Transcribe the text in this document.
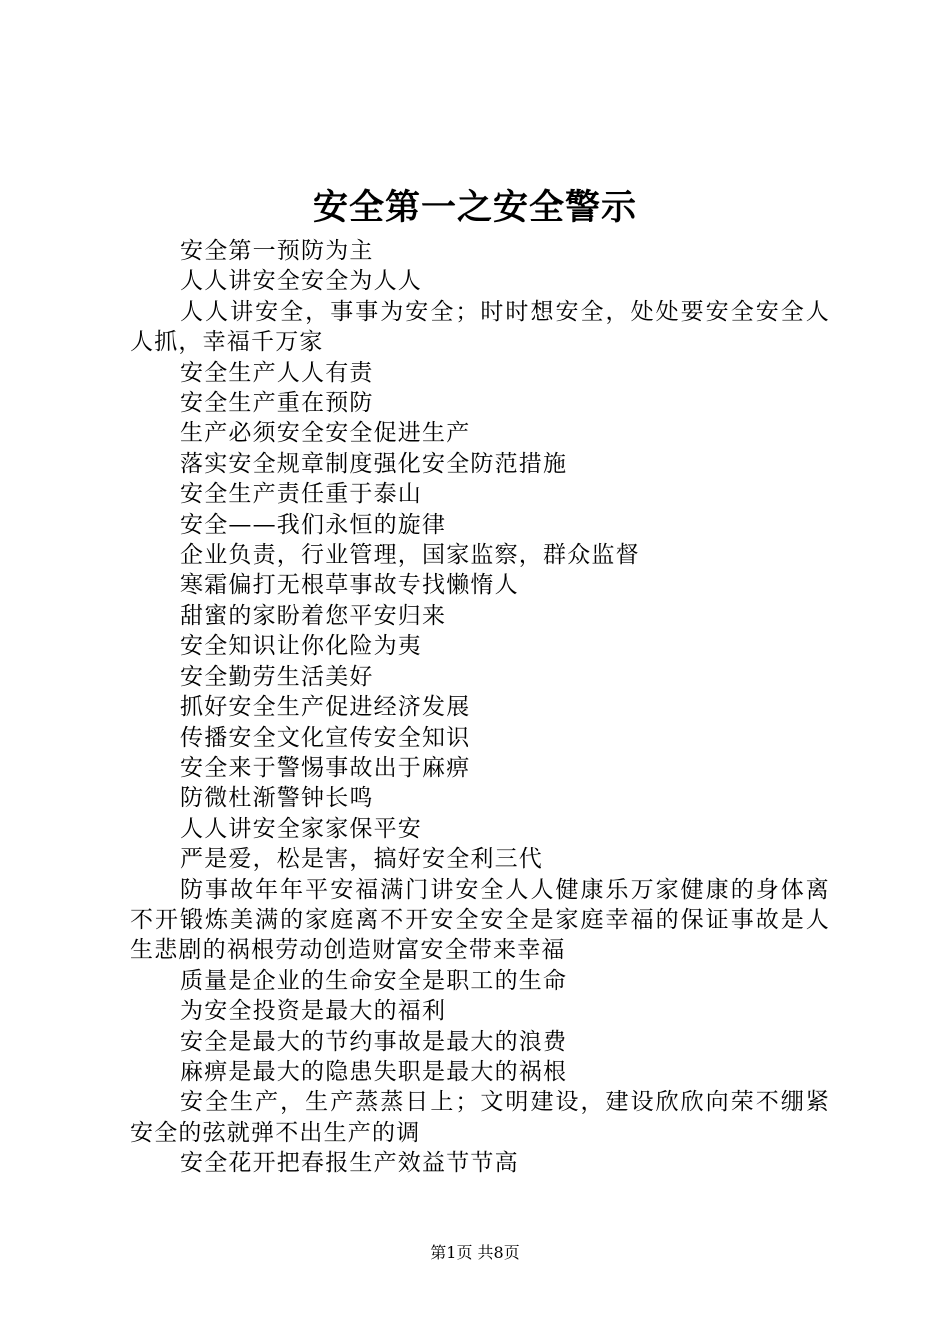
安全第一之安全警示

安全第一预防为主

人人讲安全安全为人人

人人讲安全，事事为安全；时时想安全，处处要安全安全人人抓，幸福千万家

安全生产人人有责

安全生产重在预防

生产必须安全安全促进生产

落实安全规章制度强化安全防范措施

安全生产责任重于泰山

安全——我们永恒的旋律

企业负责，行业管理，国家监察，群众监督

寒霜偏打无根草事故专找懒惰人

甜蜜的家盼着您平安归来

安全知识让你化险为夷

安全勤劳生活美好

抓好安全生产促进经济发展

传播安全文化宣传安全知识

安全来于警惕事故出于麻痹

防微杜渐警钟长鸣

人人讲安全家家保平安

严是爱，松是害，搞好安全利三代

防事故年年平安福满门讲安全人人健康乐万家健康的身体离不开锻炼美满的家庭离不开安全安全是家庭幸福的保证事故是人生悲剧的祸根劳动创造财富安全带来幸福

质量是企业的生命安全是职工的生命

为安全投资是最大的福利

安全是最大的节约事故是最大的浪费

麻痹是最大的隐患失职是最大的祸根

安全生产，生产蒸蒸日上；文明建设，建设欣欣向荣不绷紧安全的弦就弹不出生产的调

安全花开把春报生产效益节节高

第1页 共8页
